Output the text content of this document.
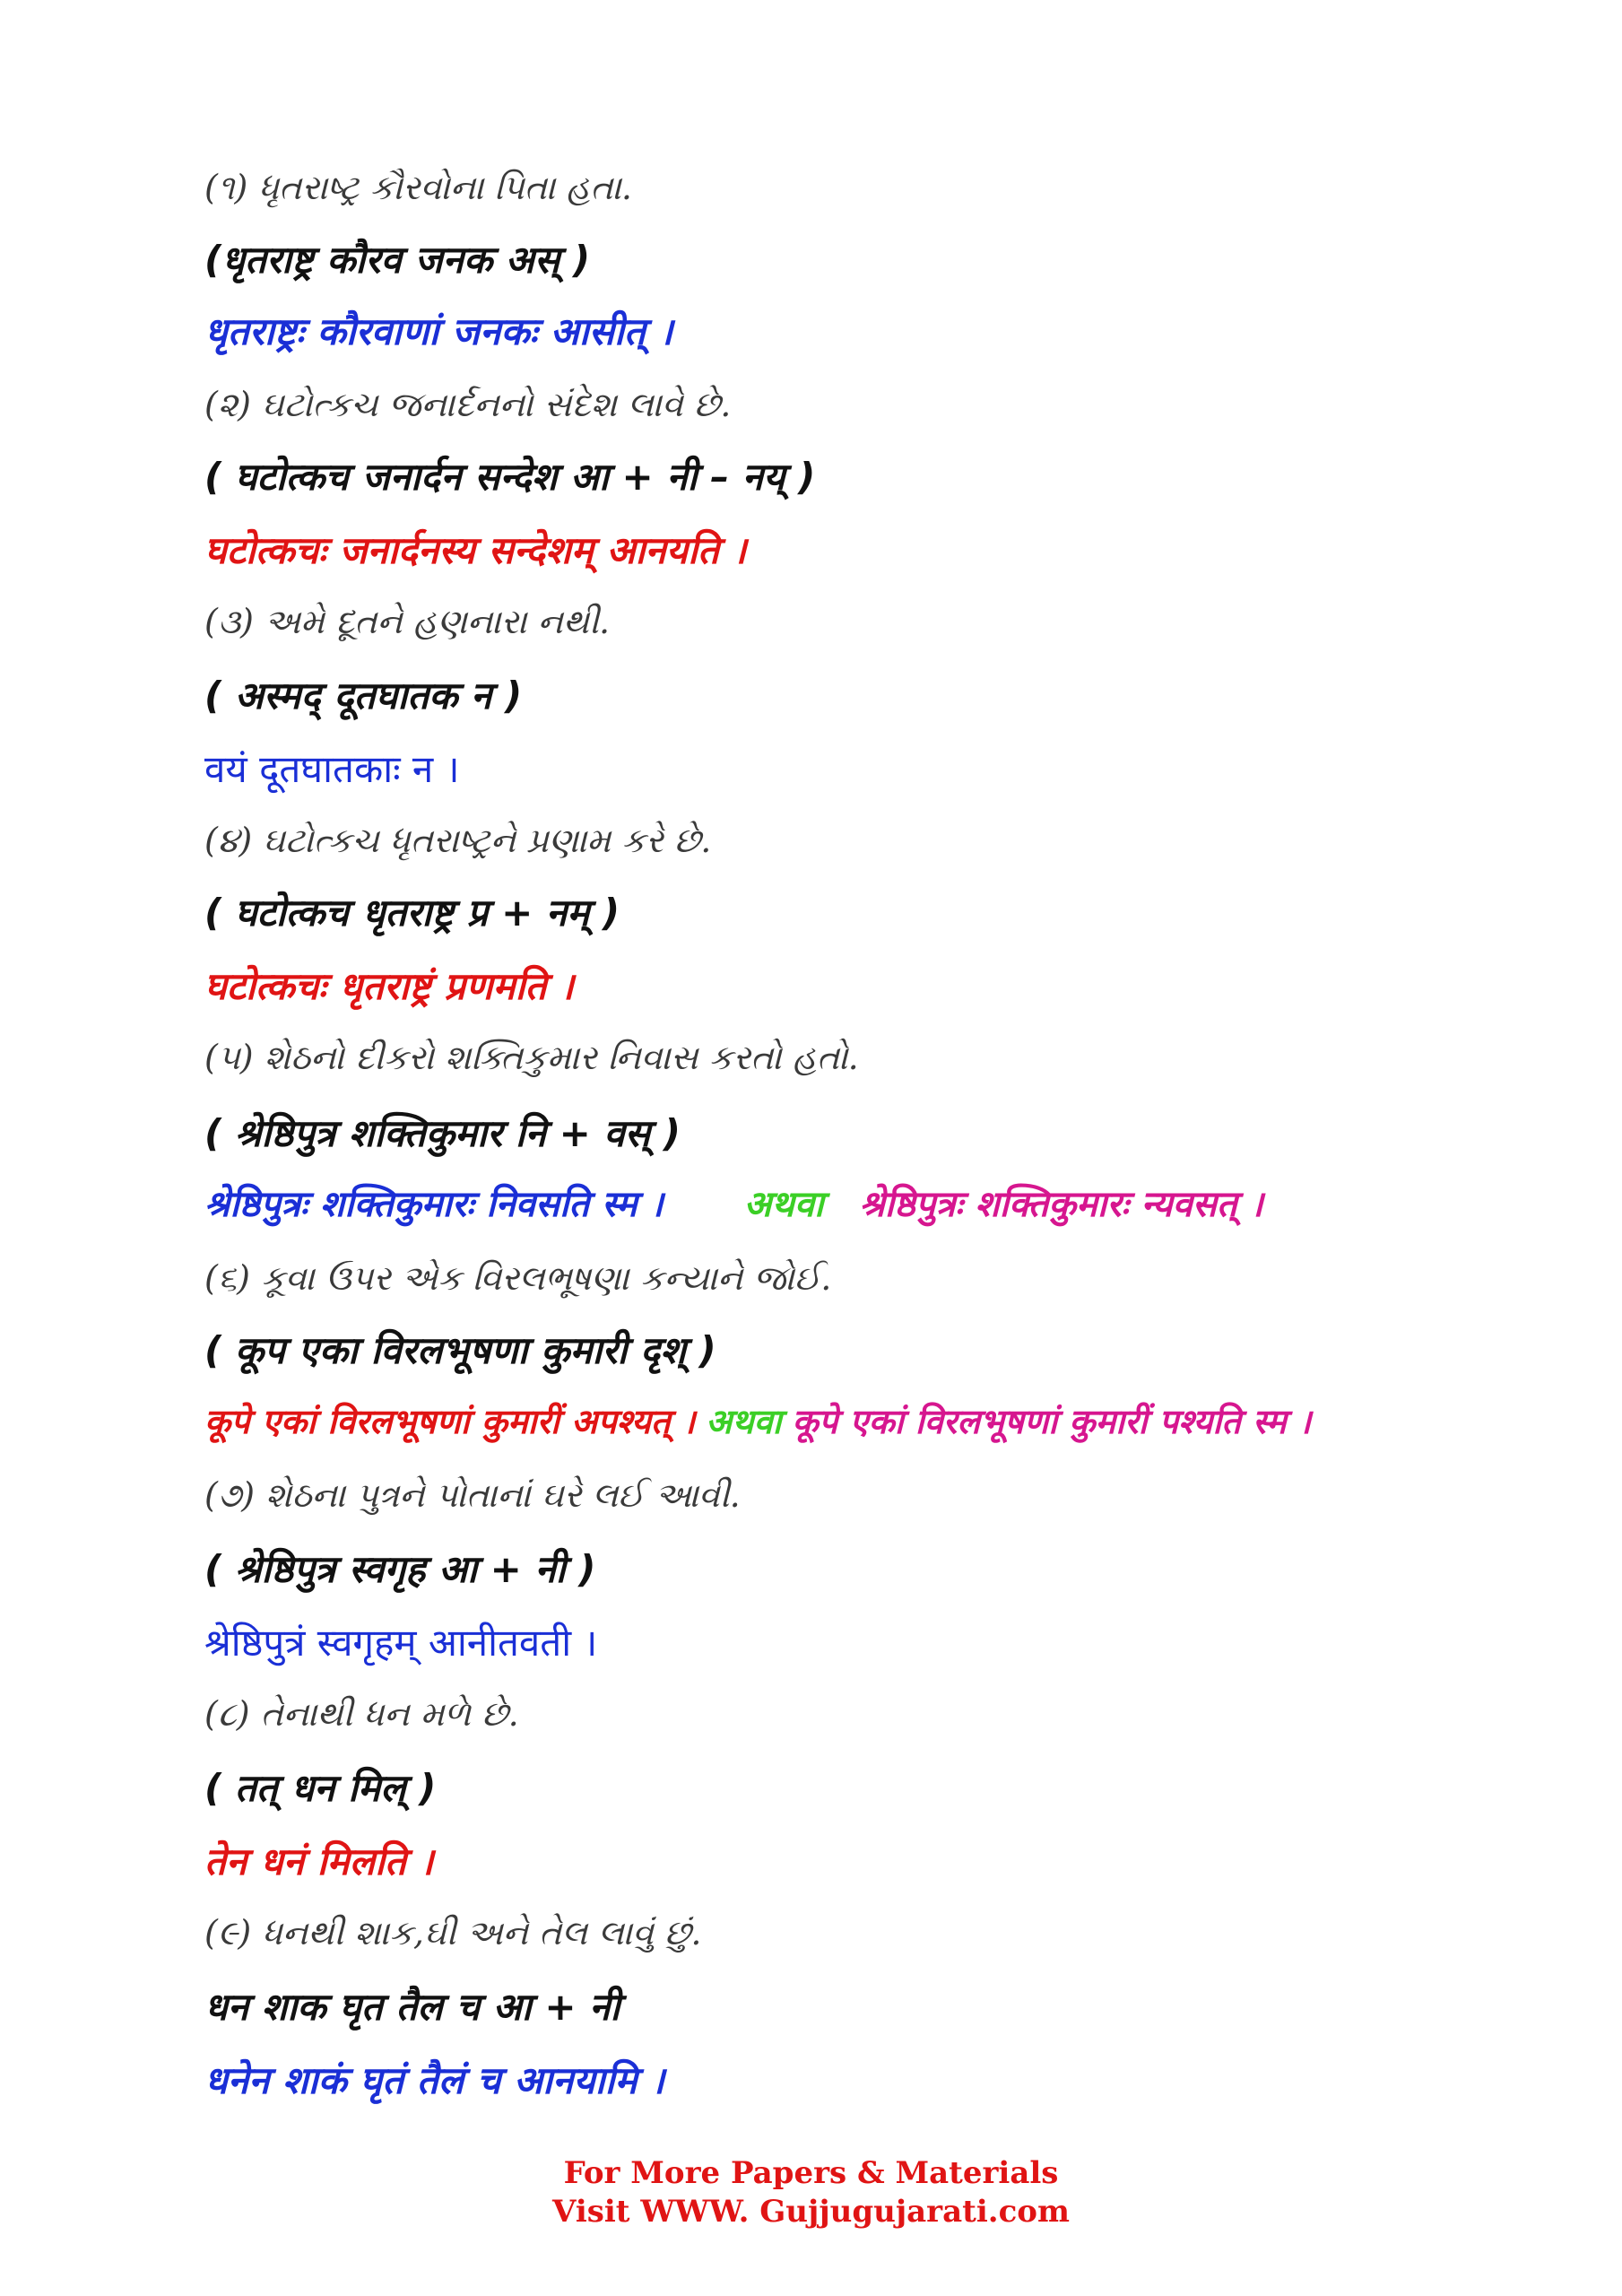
(૧) ધૃતરાષ્ટ્ર કૌરવોના પિતા હતા.
(धृतराष्ट्र कौरव जनक अस् )
धृतराष्ट्रः कौरवाणां जनकः आसीत् ।
(૨) ઘટોત્કચ જનાર્દનનો સંદેશ લાવે છે.
( घटोत्कच जनार्दन सन्देश आ + नी – नय् )
घटोत्कचः जनार्दनस्य सन्देशम् आनयति ।
(૩) અમે દૂતને હણનારા નથી.
( अस्मद् दूतघातक न )
वयं दूतघातकाः न ।
(૪) ઘટોત્કચ ધૃતરાષ્ટ્રને પ્રણામ કરે છે.
( घटोत्कच धृतराष्ट्र प्र + नम् )
घटोत्कचः धृतराष्ट्रं प्रणमति ।
(૫) શેઠનો દીકરો શક્તિકુમાર નિવાસ કરતો હતો.
( श्रेष्ठिपुत्र शक्तिकुमार नि + वस् )
श्रेष्ठिपुत्रः शक्तिकुमारः निवसति स्म । अथवा श्रेष्ठिपुत्रः शक्तिकुमारः न्यवसत् ।
(૬) કૂવા ઉપર એક વિરલભૂષણા કન્યાને જોઈ.
( कूप एका विरलभूषणा कुमारी दृश् )
कूपे एकां विरलभूषणां कुमारीं अपश्यत् । अथवा कूपे एकां विरलभूषणां कुमारीं पश्यति स्म ।
(૭) શેઠના પુત્રને પોતાનાં ઘરે લઈ આવી.
( श्रेष्ठिपुत्र स्वगृह आ + नी )
श्रेष्ठिपुत्रं स्वगृहम् आनीतवती ।
(૮) તેનાથી ધન મળે છે.
( तत् धन मिल् )
तेन धनं मिलति ।
(૯) ધનથી શાક,ઘી અને તેલ લાવું છું.
धन शाक घृत तैल च आ + नी
धनेन शाकं घृतं तैलं च आनयामि ।
For More Papers & Materials
Visit WWW. Gujjugujarati.com
